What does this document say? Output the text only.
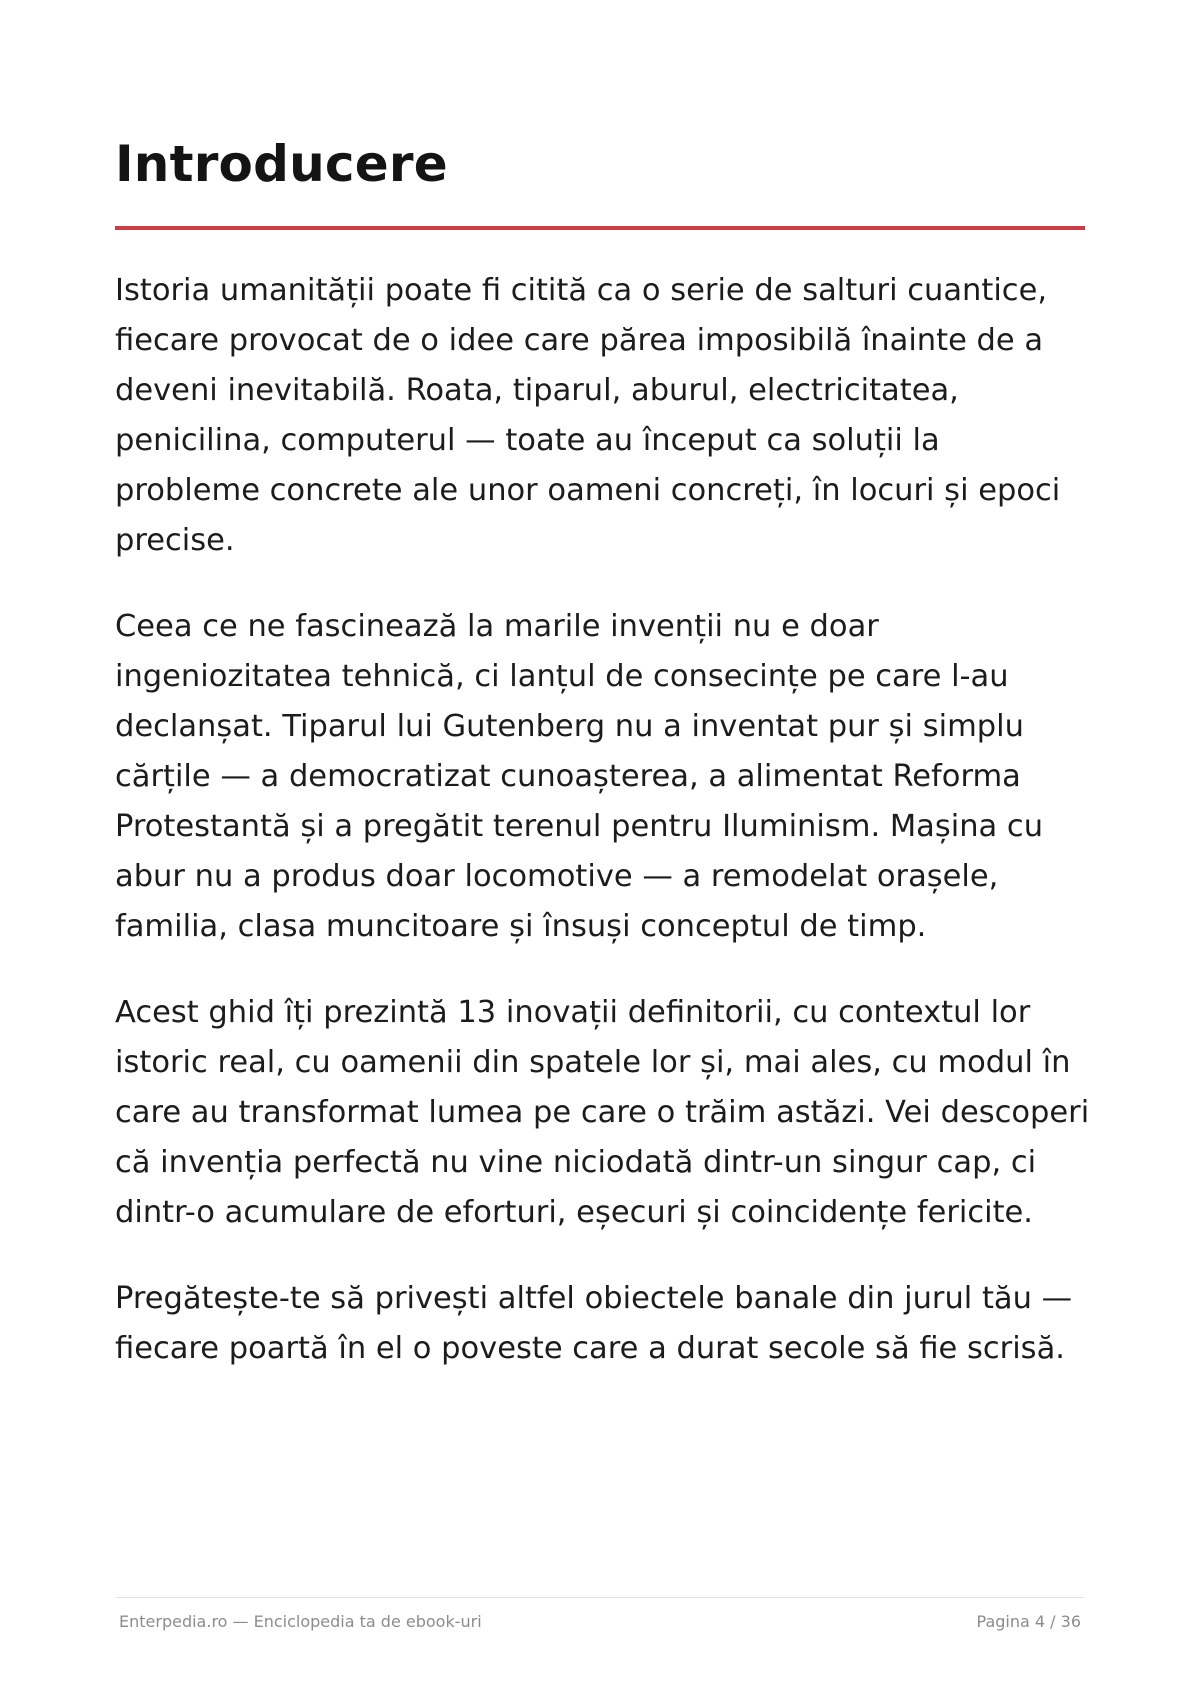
Introducere

Istoria umanității poate fi citită ca o serie de salturi cuantice, fiecare provocat de o idee care părea imposibilă înainte de a deveni inevitabilă. Roata, tiparul, aburul, electricitatea, penicilina, computerul — toate au început ca soluții la probleme concrete ale unor oameni concreți, în locuri și epoci precise.

Ceea ce ne fascinează la marile invenții nu e doar ingeniozitatea tehnică, ci lanțul de consecințe pe care l-au declanșat. Tiparul lui Gutenberg nu a inventat pur și simplu cărțile — a democratizat cunoașterea, a alimentat Reforma Protestantă și a pregătit terenul pentru Iluminism. Mașina cu abur nu a produs doar locomotive — a remodelat orașele, familia, clasa muncitoare și însuși conceptul de timp.

Acest ghid îți prezintă 13 inovații definitorii, cu contextul lor istoric real, cu oamenii din spatele lor și, mai ales, cu modul în care au transformat lumea pe care o trăim astăzi. Vei descoperi că invenția perfectă nu vine niciodată dintr-un singur cap, ci dintr-o acumulare de eforturi, eșecuri și coincidențe fericite.

Pregătește-te să privești altfel obiectele banale din jurul tău — fiecare poartă în el o poveste care a durat secole să fie scrisă.

Enterpedia.ro — Enciclopedia ta de ebook-uri	Pagina 4 / 36
